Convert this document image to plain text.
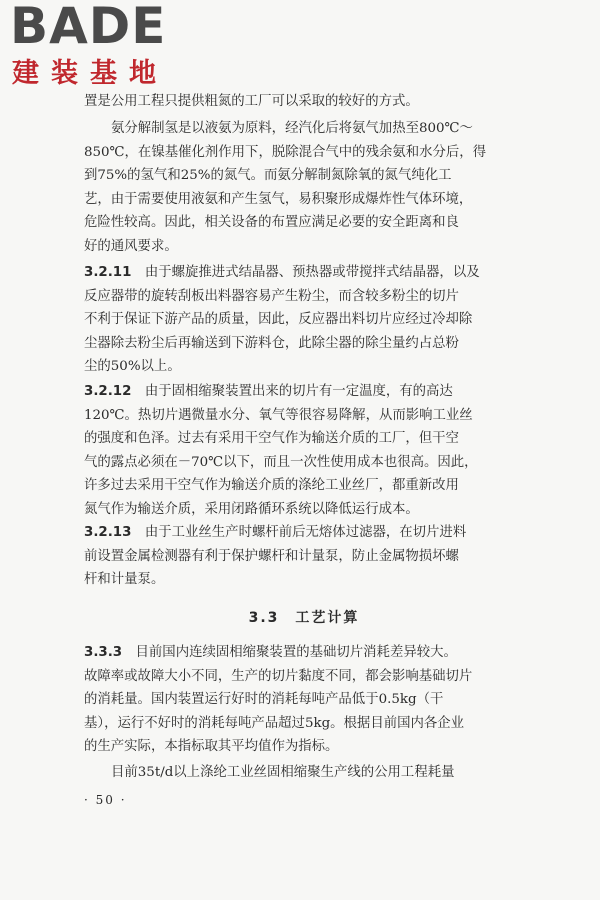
BADE
建装基地
置是公用工程只提供粗氮的工厂可以采取的较好的方式。
氨分解制氢是以液氨为原料，经汽化后将氨气加热至800℃～
850℃，在镍基催化剂作用下，脱除混合气中的残余氨和水分后，得
到75%的氢气和25%的氮气。而氨分解制氮除氧的氮气纯化工
艺，由于需要使用液氨和产生氢气，易积聚形成爆炸性气体环境，
危险性较高。因此，相关设备的布置应满足必要的安全距离和良
好的通风要求。
3.2.11　由于螺旋推进式结晶器、预热器或带搅拌式结晶器，以及
反应器带的旋转刮板出料器容易产生粉尘，而含较多粉尘的切片
不利于保证下游产品的质量，因此，反应器出料切片应经过冷却除
尘器除去粉尘后再输送到下游料仓，此除尘器的除尘量约占总粉
尘的50%以上。
3.2.12　由于固相缩聚装置出来的切片有一定温度，有的高达
120℃。热切片遇微量水分、氧气等很容易降解，从而影响工业丝
的强度和色泽。过去有采用干空气作为输送介质的工厂，但干空
气的露点必须在－70℃以下，而且一次性使用成本也很高。因此，
许多过去采用干空气作为输送介质的涤纶工业丝厂，都重新改用
氮气作为输送介质，采用闭路循环系统以降低运行成本。
3.2.13　由于工业丝生产时螺杆前后无熔体过滤器，在切片进料
前设置金属检测器有利于保护螺杆和计量泵，防止金属物损坏螺
杆和计量泵。
3.3　工艺计算
3.3.3　目前国内连续固相缩聚装置的基础切片消耗差异较大。
故障率或故障大小不同，生产的切片黏度不同，都会影响基础切片
的消耗量。国内装置运行好时的消耗每吨产品低于0.5kg（干
基），运行不好时的消耗每吨产品超过5kg。根据目前国内各企业
的生产实际，本指标取其平均值作为指标。
目前35t/d以上涤纶工业丝固相缩聚生产线的公用工程耗量
· 50 ·
